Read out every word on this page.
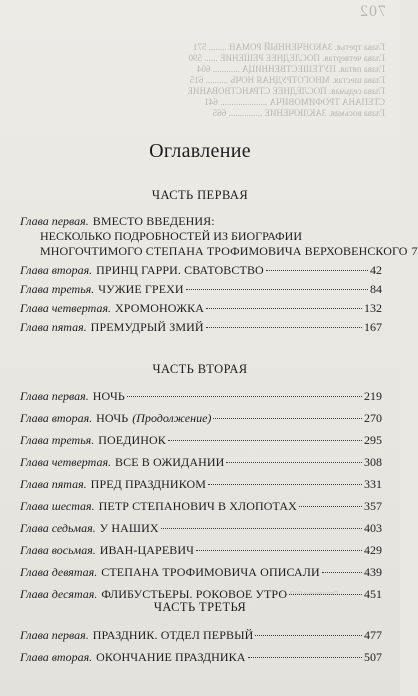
702
Глава третья. ЗАКОНЧЕННЫЙ РОМАН ........ 571
Глава четвертая. ПОСЛЕДНЕЕ РЕШЕНИЕ ...... 590
Глава пятая. ПУТЕШЕСТВЕННИЦА ............ 604
Глава шестая. МНОГОТРУДНАЯ НОЧЬ .......... 615
Глава седьмая. ПОСЛЕДНЕЕ СТРАНСТВОВАНИЕ
СТЕПАНА ТРОФИМОВИЧА ..................... 641
Глава восьмая. ЗАКЛЮЧЕНИЕ ............... 665
Отпечатано в ОАО ... г. ...
Оглавление
ЧАСТЬ ПЕРВАЯ
Глава первая. ВМЕСТО ВВЕДЕНИЯ:
НЕСКОЛЬКО ПОДРОБНОСТЕЙ ИЗ БИОГРАФИИ
МНОГОЧТИМОГО СТЕПАНА ТРОФИМОВИЧА ВЕРХОВЕНСКОГО 7
Глава вторая. ПРИНЦ ГАРРИ. СВАТОВСТВО	42
Глава третья. ЧУЖИЕ ГРЕХИ	84
Глава четвертая. ХРОМОНОЖКА	132
Глава пятая. ПРЕМУДРЫЙ ЗМИЙ	167
ЧАСТЬ ВТОРАЯ
Глава первая. НОЧЬ	219
Глава вторая. НОЧЬ (Продолжение)	270
Глава третья. ПОЕДИНОК	295
Глава четвертая. ВСЕ В ОЖИДАНИИ	308
Глава пятая. ПРЕД ПРАЗДНИКОМ	331
Глава шестая. ПЕТР СТЕПАНОВИЧ В ХЛОПОТАХ	357
Глава седьмая. У НАШИХ	403
Глава восьмая. ИВАН-ЦАРЕВИЧ	429
Глава девятая. СТЕПАНА ТРОФИМОВИЧА ОПИСАЛИ	439
Глава десятая. ФЛИБУСТЬЕРЫ. РОКОВОЕ УТРО	451
ЧАСТЬ ТРЕТЬЯ
Глава первая. ПРАЗДНИК. ОТДЕЛ ПЕРВЫЙ	477
Глава вторая. ОКОНЧАНИЕ ПРАЗДНИКА	507
